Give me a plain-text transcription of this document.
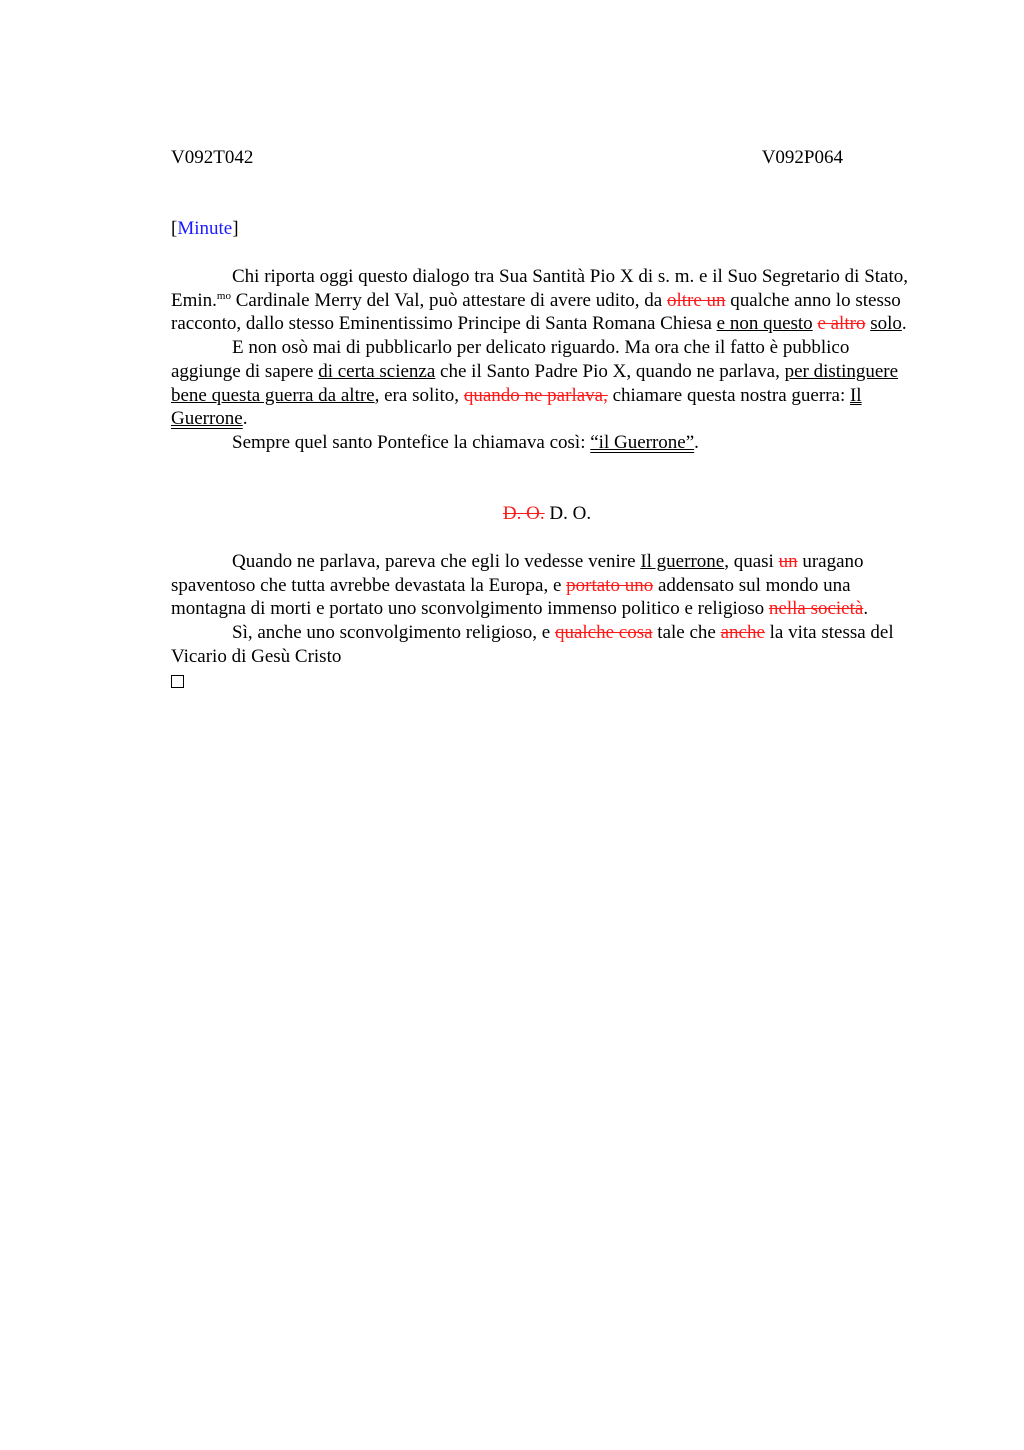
V092T042	V092P064
[Minute]

Chi riporta oggi questo dialogo tra Sua Santità Pio X di s. m. e il Suo Segretario di Stato, Emin.$^{mo}$ Cardinale Merry del Val, può attestare di avere udito, da oltre un qualche anno lo stesso racconto, dallo stesso Eminentissimo Principe di Santa Romana Chiesa e non questo e altro solo.

E non osò mai di pubblicarlo per delicato riguardo. Ma ora che il fatto è pubblico aggiunge di sapere di certa scienza che il Santo Padre Pio X, quando ne parlava, per distinguere bene questa guerra da altre, era solito, quando ne parlava, chiamare questa nostra guerra: Il Guerrone.

Sempre quel santo Pontefice la chiamava così: “il Guerrone”.

D. O. D. O.

Quando ne parlava, pareva che egli lo vedesse venire Il guerrone, quasi un uragano spaventoso che tutta avrebbe devastata la Europa, e portato uno addensato sul mondo una montagna di morti e portato uno sconvolgimento immenso politico e religioso nella società.

Sì, anche uno sconvolgimento religioso, e qualche cosa tale che anche la vita stessa del Vicario di Gesù Cristo
